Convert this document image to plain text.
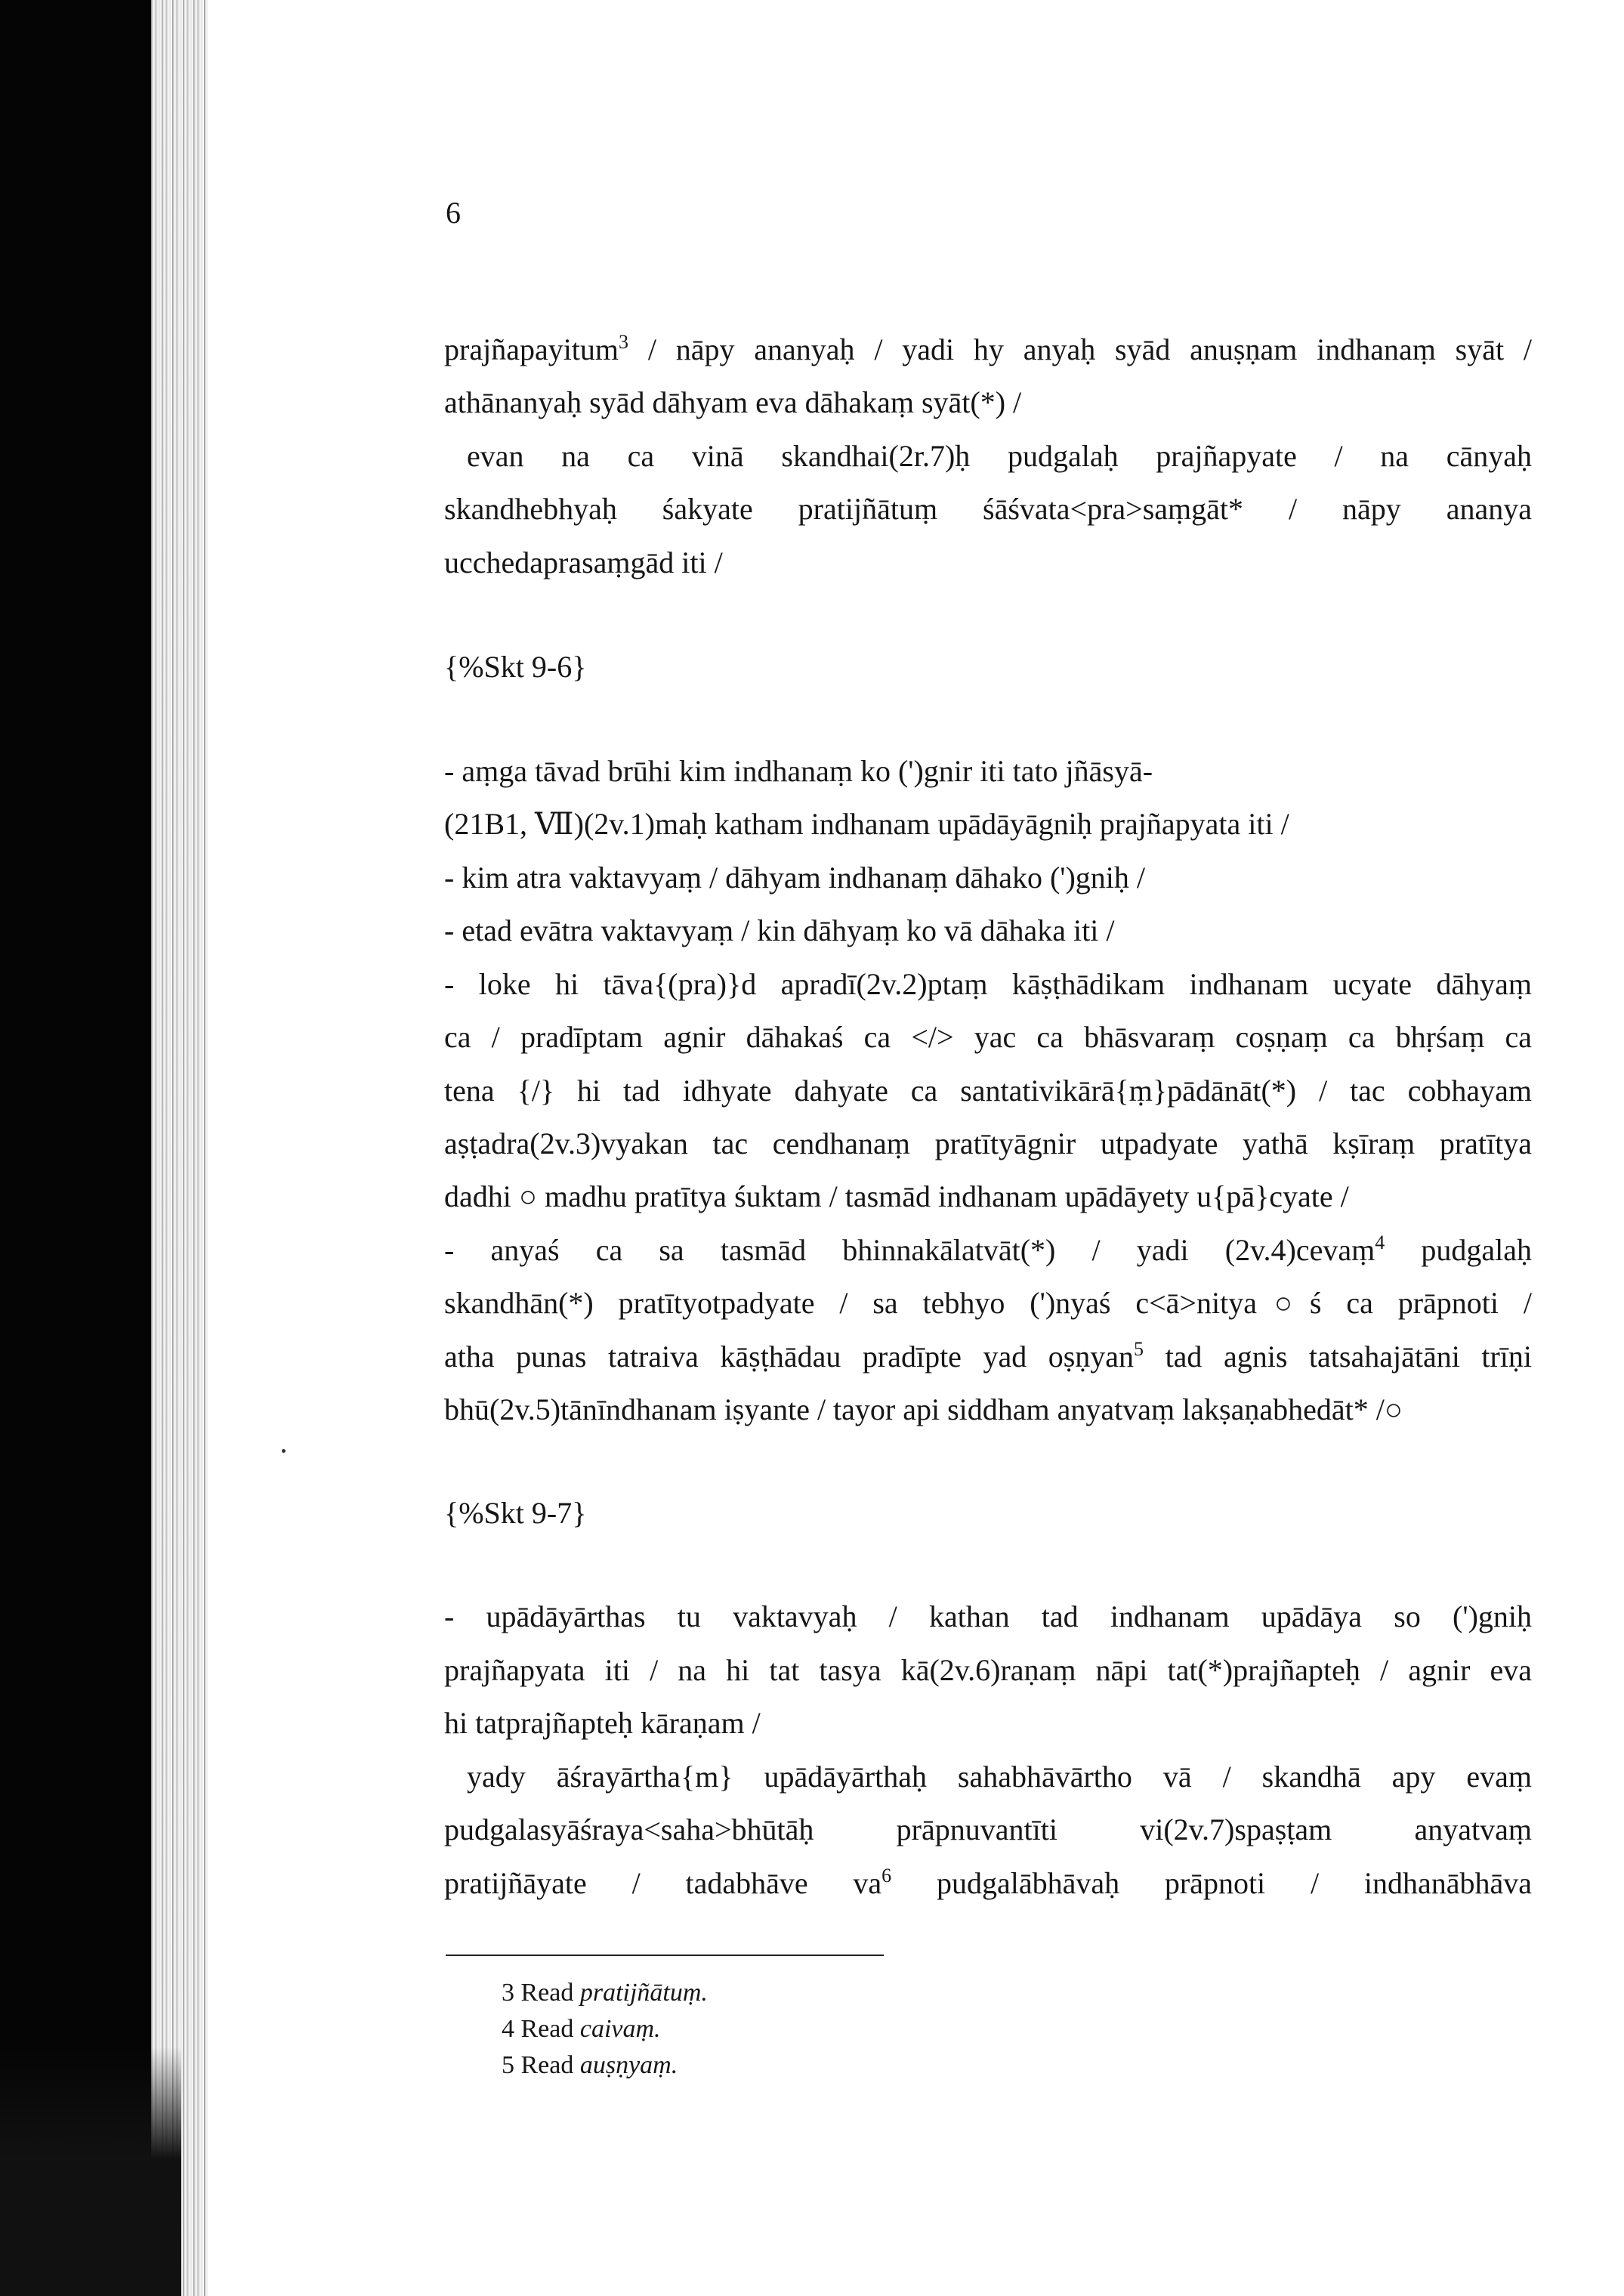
6
prajñapayitum$^3$ / nāpy ananyaḥ / yadi hy anyaḥ syād anuṣṇam indhanaṃ syāt /
athānanyaḥ syād dāhyam eva dāhakaṃ syāt(*) /
evan na ca vinā skandhai(2r.7)ḥ pudgalaḥ prajñapyate / na cānyaḥ
skandhebhyaḥ śakyate pratijñātuṃ śāśvata<pra>saṃgāt* / nāpy ananya
ucchedaprasaṃgād iti /
{%Skt 9-6}
- aṃga tāvad brūhi kim indhanaṃ ko (')gnir iti tato jñāsyā-
(21B1, Ⅶ)(2v.1)maḥ katham indhanam upādāyāgniḥ prajñapyata iti /
- kim atra vaktavyaṃ / dāhyam indhanaṃ dāhako (')gniḥ /
- etad evātra vaktavyaṃ / kin dāhyaṃ ko vā dāhaka iti /
- loke hi tāva{(pra)}d apradī(2v.2)ptaṃ kāṣṭhādikam indhanam ucyate dāhyaṃ
ca / pradīptam agnir dāhakaś ca </> yac ca bhāsvaraṃ coṣṇaṃ ca bhṛśaṃ ca
tena {/} hi tad idhyate dahyate ca santativikārā{ṃ}pādānāt(*) / tac cobhayam
aṣṭadra(2v.3)vyakan tac cendhanaṃ pratītyāgnir utpadyate yathā kṣīraṃ pratītya
dadhi ○ madhu pratītya śuktam / tasmād indhanam upādāyety u{pā}cyate /
- anyaś ca sa tasmād bhinnakālatvāt(*) / yadi (2v.4)cevaṃ$^4$ pudgalaḥ
skandhān(*) pratītyotpadyate / sa tebhyo (')nyaś c<ā>nitya○ś ca prāpnoti /
atha punas tatraiva kāṣṭhādau pradīpte yad oṣṇyan$^5$ tad agnis tatsahajātāni trīṇi
bhū(2v.5)tānīndhanam iṣyante / tayor api siddham anyatvaṃ lakṣaṇabhedāt* /○
{%Skt 9-7}
- upādāyārthas tu vaktavyaḥ / kathan tad indhanam upādāya so (')gniḥ
prajñapyata iti / na hi tat tasya kā(2v.6)raṇaṃ nāpi tat(*)prajñapteḥ / agnir eva
hi tatprajñapteḥ kāraṇam /
yady āśrayārtha{m} upādāyārthaḥ sahabhāvārtho vā / skandhā apy evaṃ
pudgalasyāśraya<saha>bhūtāḥ prāpnuvantīti vi(2v.7)spaṣṭam anyatvaṃ
pratijñāyate / tadabhāve $va^6$ pudgalābhāvaḥ prāpnoti / indhanābhāva
3 Read pratijñātuṃ.
4 Read caivaṃ.
5 Read auṣṇyaṃ.
